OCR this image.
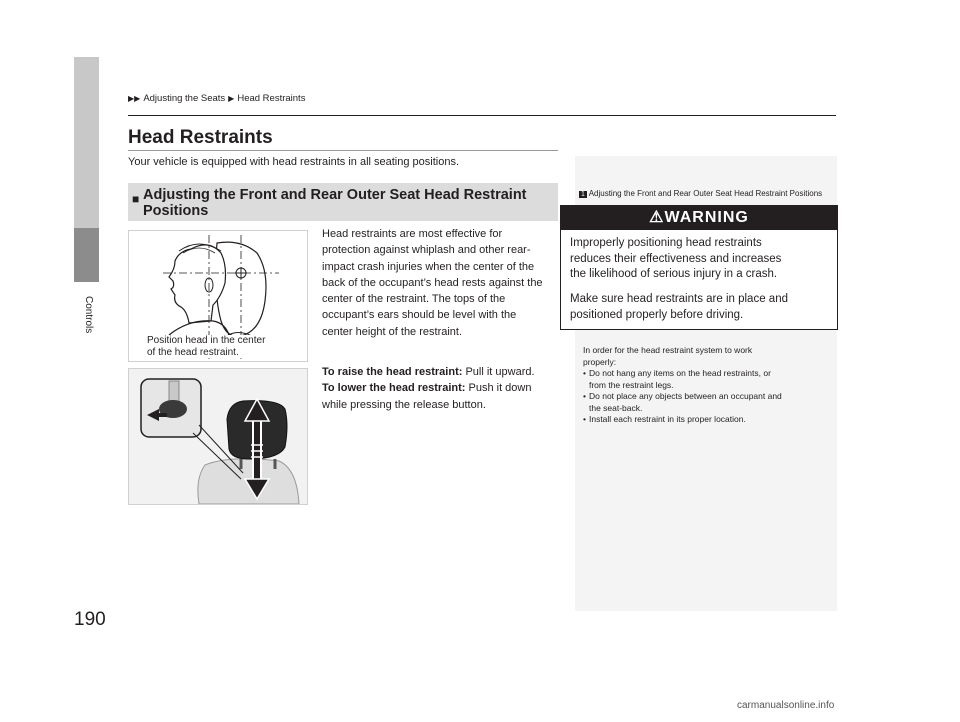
Controls
190
▶▶ Adjusting the Seats ▶ Head Restraints
Head Restraints
Your vehicle is equipped with head restraints in all seating positions.
■ Adjusting the Front and Rear Outer Seat Head Restraint
Positions
Head restraints are most effective for
protection against whiplash and other rear-
impact crash injuries when the center of the
back of the occupant’s head rests against the
center of the restraint. The tops of the
occupant’s ears should be level with the
center height of the restraint.
To raise the head restraint: Pull it upward.
To lower the head restraint: Push it down
while pressing the release button.
Position head in the center
of the head restraint.
1 Adjusting the Front and Rear Outer Seat Head Restraint Positions
⚠WARNING
Improperly positioning head restraints
reduces their effectiveness and increases
the likelihood of serious injury in a crash.
Make sure head restraints are in place and
positioned properly before driving.
In order for the head restraint system to work
properly:
• Do not hang any items on the head restraints, or
from the restraint legs.
• Do not place any objects between an occupant and
the seat-back.
• Install each restraint in its proper location.
carmanualsonline.info
